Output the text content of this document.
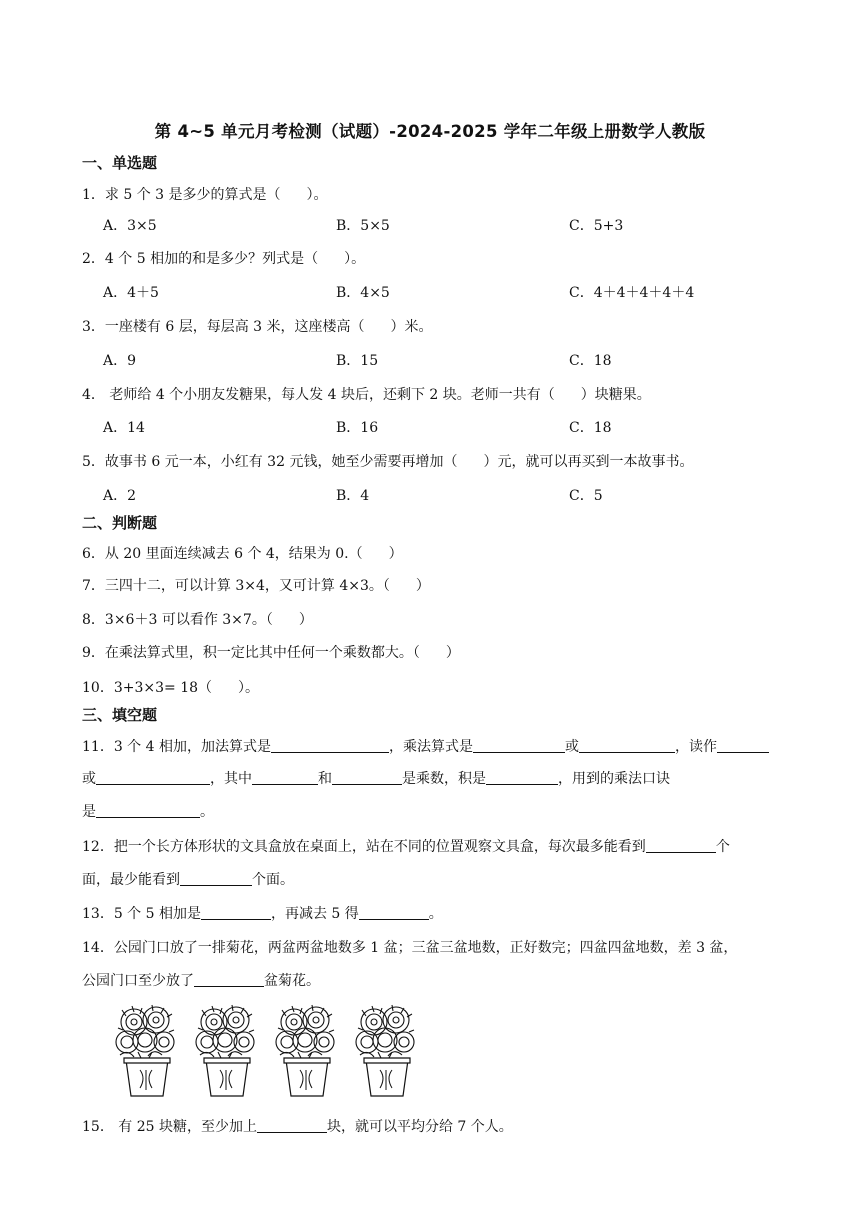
第 4~5 单元月考检测（试题）-2024-2025 学年二年级上册数学人教版
一、单选题
1．求 5 个 3 是多少的算式是（ ）。
A．3×5	B．5×5	C．5+3
2．4 个 5 相加的和是多少？列式是（ ）。
A．4＋5	B．4×5	C．4＋4＋4＋4＋4
3．一座楼有 6 层，每层高 3 米，这座楼高（ ）米。
A．9	B．15	C．18
4． 老师给 4 个小朋友发糖果，每人发 4 块后，还剩下 2 块。老师一共有（ ）块糖果。
A．14	B．16	C．18
5．故事书 6 元一本，小红有 32 元钱，她至少需要再增加（ ）元，就可以再买到一本故事书。
A．2	B．4	C．5
二、判断题
6．从 20 里面连续减去 6 个 4，结果为 0.（ ）
7．三四十二，可以计算 3×4，又可计算 4×3。（ ）
8．3×6＋3 可以看作 3×7。（ ）
9．在乘法算式里，积一定比其中任何一个乘数都大。（ ）
10．3+3×3= 18（ ）。
三、填空题
11．3 个 4 相加，加法算式是	，乘法算式是	或	，读作
或	，其中	和	是乘数，积是	，用到的乘法口诀
是	。
12．把一个长方体形状的文具盒放在桌面上，站在不同的位置观察文具盒，每次最多能看到	个
面，最少能看到	个面。
13．5 个 5 相加是	，再减去 5 得	。
14．公园门口放了一排菊花，两盆两盆地数多 1 盆；三盆三盆地数，正好数完；四盆四盆地数，差 3 盆，
公园门口至少放了	盆菊花。
15． 有 25 块糖，至少加上	块，就可以平均分给 7 个人。
